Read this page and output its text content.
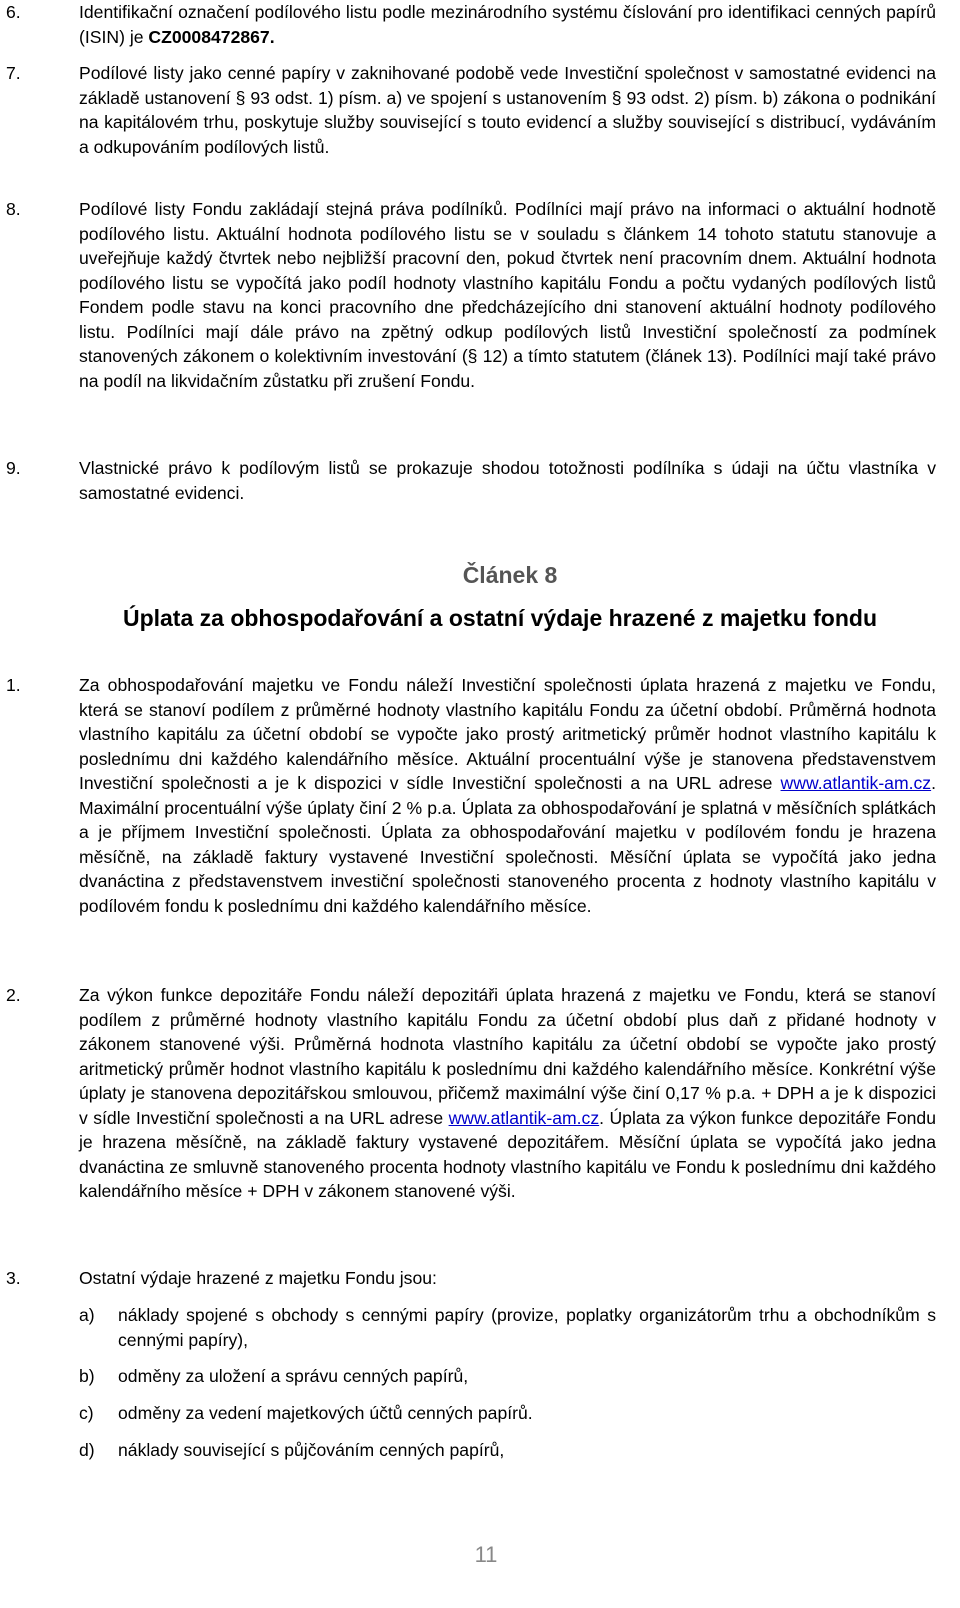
6.	Identifikační označení podílového listu podle mezinárodního systému číslování pro identifikaci cenných papírů (ISIN) je CZ0008472867.
7.	Podílové listy jako cenné papíry v zaknihované podobě vede Investiční společnost v samostatné evidenci na základě ustanovení § 93 odst. 1) písm. a) ve spojení s ustanovením § 93 odst. 2) písm. b) zákona o podnikání na kapitálovém trhu, poskytuje služby související s touto evidencí a služby související s distribucí, vydáváním a odkupováním podílových listů.
8.	Podílové listy Fondu zakládají stejná práva podílníků. Podílníci mají právo na informaci o aktuální hodnotě podílového listu. Aktuální hodnota podílového listu se v souladu s článkem 14 tohoto statutu stanovuje a uveřejňuje každý čtvrtek nebo nejbližší pracovní den, pokud čtvrtek není pracovním dnem. Aktuální hodnota podílového listu se vypočítá jako podíl hodnoty vlastního kapitálu Fondu a počtu vydaných podílových listů Fondem podle stavu na konci pracovního dne předcházejícího dni stanovení aktuální hodnoty podílového listu. Podílníci mají dále právo na zpětný odkup podílových listů Investiční společností za podmínek stanovených zákonem o kolektivním investování (§ 12) a tímto statutem (článek 13). Podílníci mají také právo na podíl na likvidačním zůstatku při zrušení Fondu.
9.	Vlastnické právo k podílovým listů se prokazuje shodou totožnosti podílníka s údaji na účtu vlastníka v samostatné evidenci.
Článek 8
Úplata za obhospodařování a ostatní výdaje hrazené z majetku fondu
1.	Za obhospodařování majetku ve Fondu náleží Investiční společnosti úplata hrazená z majetku ve Fondu, která se stanoví podílem z průměrné hodnoty vlastního kapitálu Fondu za účetní období. Průměrná hodnota vlastního kapitálu za účetní období se vypočte jako prostý aritmetický průměr hodnot vlastního kapitálu k poslednímu dni každého kalendářního měsíce. Aktuální procentuální výše je stanovena představenstvem Investiční společnosti a je k dispozici v sídle Investiční společnosti a na URL adrese www.atlantik-am.cz. Maximální procentuální výše úplaty činí 2 % p.a. Úplata za obhospodařování je splatná v měsíčních splátkách a je příjmem Investiční společnosti. Úplata za obhospodařování majetku v podílovém fondu je hrazena měsíčně, na základě faktury vystavené Investiční společnosti. Měsíční úplata se vypočítá jako jedna dvanáctina z představenstvem investiční společnosti stanoveného procenta z hodnoty vlastního kapitálu v podílovém fondu k poslednímu dni každého kalendářního měsíce.
2.	Za výkon funkce depozitáře Fondu náleží depozitáři úplata hrazená z majetku ve Fondu, která se stanoví podílem z průměrné hodnoty vlastního kapitálu Fondu za účetní období plus daň z přidané hodnoty v zákonem stanovené výši. Průměrná hodnota vlastního kapitálu za účetní období se vypočte jako prostý aritmetický průměr hodnot vlastního kapitálu k poslednímu dni každého kalendářního měsíce. Konkrétní výše úplaty je stanovena depozitářskou smlouvou, přičemž maximální výše činí 0,17 % p.a. + DPH a je k dispozici v sídle Investiční společnosti a na URL adrese www.atlantik-am.cz. Úplata za výkon funkce depozitáře Fondu je hrazena měsíčně, na základě faktury vystavené depozitářem. Měsíční úplata se vypočítá jako jedna dvanáctina ze smluvně stanoveného procenta hodnoty vlastního kapitálu ve Fondu k poslednímu dni každého kalendářního měsíce + DPH v zákonem stanovené výši.
3.	Ostatní výdaje hrazené z majetku Fondu jsou:
a) náklady spojené s obchody s cennými papíry (provize, poplatky organizátorům trhu a obchodníkům s cennými papíry),
b) odměny za uložení a správu cenných papírů,
c) odměny za vedení majetkových účtů cenných papírů.
d) náklady související s půjčováním cenných papírů,
11
